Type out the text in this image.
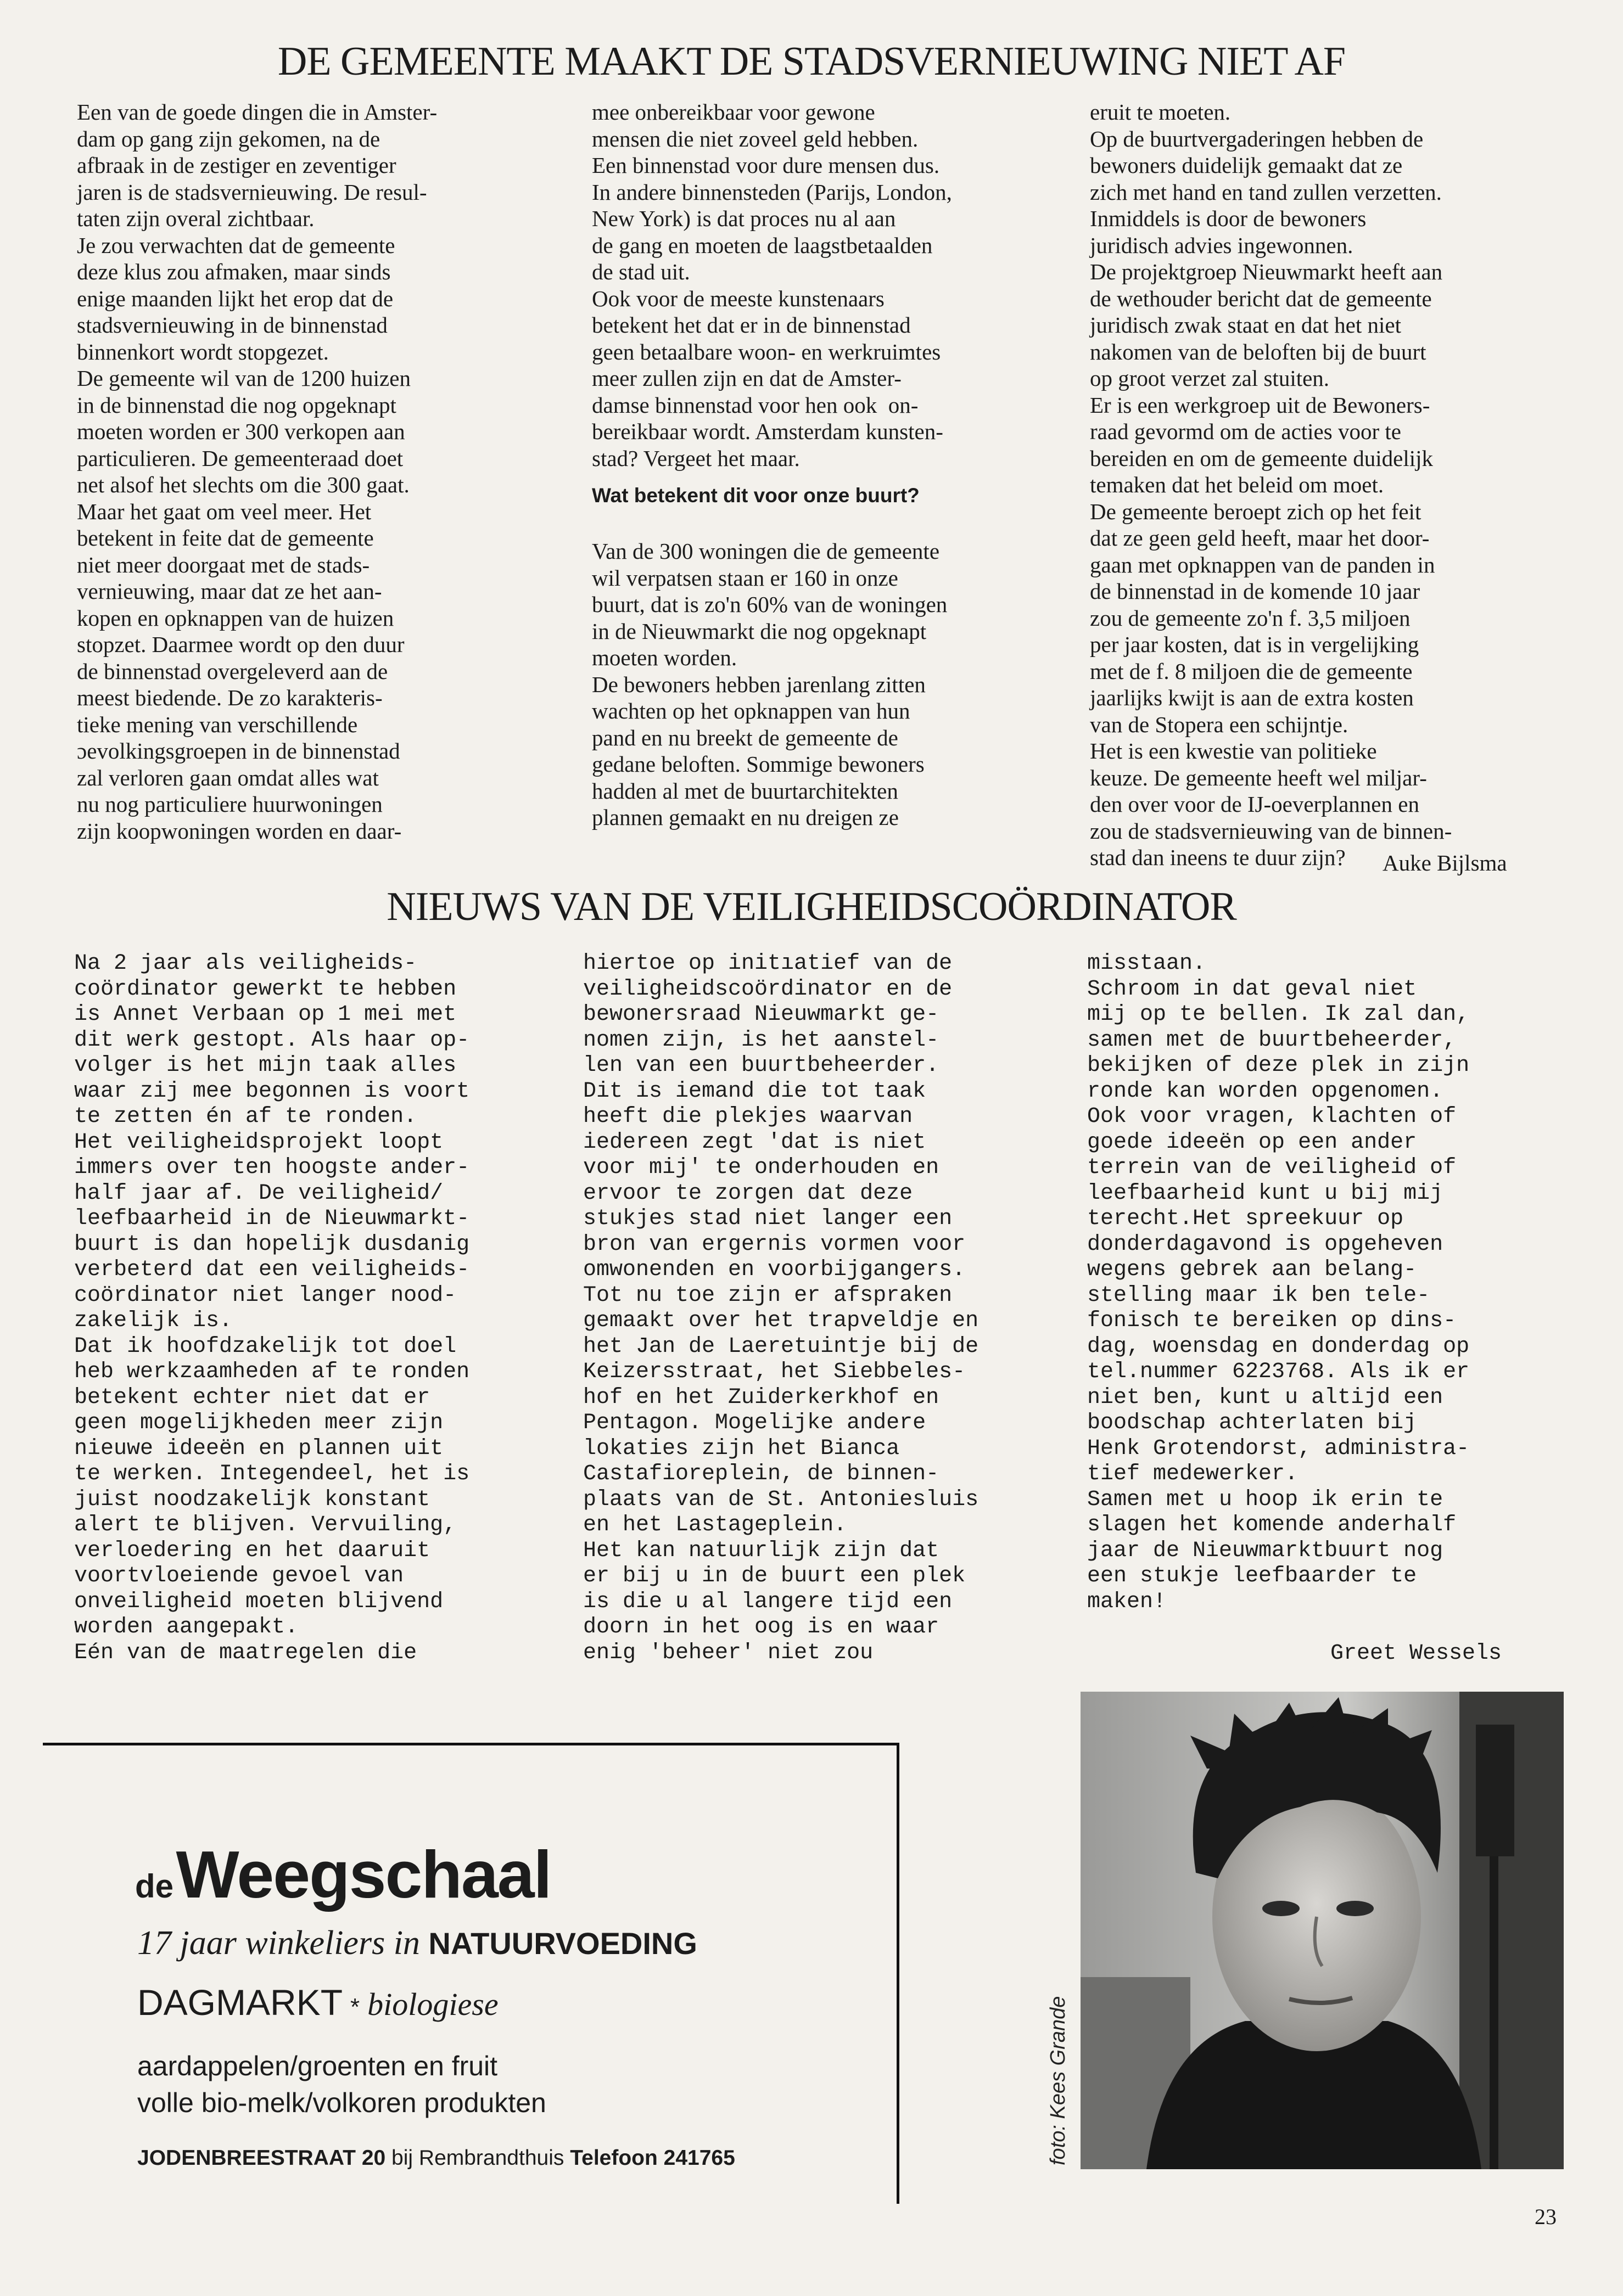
DE GEMEENTE MAAKT DE STADSVERNIEUWING NIET AF
Een van de goede dingen die in Amster-
dam op gang zijn gekomen, na de
afbraak in de zestiger en zeventiger
jaren is de stadsvernieuwing. De resul-
taten zijn overal zichtbaar.
Je zou verwachten dat de gemeente
deze klus zou afmaken, maar sinds
enige maanden lijkt het erop dat de
stadsvernieuwing in de binnenstad
binnenkort wordt stopgezet.
De gemeente wil van de 1200 huizen
in de binnenstad die nog opgeknapt
moeten worden er 300 verkopen aan
particulieren. De gemeenteraad doet
net alsof het slechts om die 300 gaat.
Maar het gaat om veel meer. Het
betekent in feite dat de gemeente
niet meer doorgaat met de stads-
vernieuwing, maar dat ze het aan-
kopen en opknappen van de huizen
stopzet. Daarmee wordt op den duur
de binnenstad overgeleverd aan de
meest biedende. De zo karakteris-
tieke mening van verschillende
ɔevolkingsgroepen in de binnenstad
zal verloren gaan omdat alles wat
nu nog particuliere huurwoningen
zijn koopwoningen worden en daar-
mee onbereikbaar voor gewone
mensen die niet zoveel geld hebben.
Een binnenstad voor dure mensen dus.
In andere binnensteden (Parijs, London,
New York) is dat proces nu al aan
de gang en moeten de laagstbetaalden
de stad uit.
Ook voor de meeste kunstenaars
betekent het dat er in de binnenstad
geen betaalbare woon- en werkruimtes
meer zullen zijn en dat de Amster-
damse binnenstad voor hen ook  on-
bereikbaar wordt. Amsterdam kunsten-
stad? Vergeet het maar.
Wat betekent dit voor onze buurt?
Van de 300 woningen die de gemeente
wil verpatsen staan er 160 in onze
buurt, dat is zo'n 60% van de woningen
in de Nieuwmarkt die nog opgeknapt
moeten worden.
De bewoners hebben jarenlang zitten
wachten op het opknappen van hun
pand en nu breekt de gemeente de
gedane beloften. Sommige bewoners
hadden al met de buurtarchitekten
plannen gemaakt en nu dreigen ze
eruit te moeten.
Op de buurtvergaderingen hebben de
bewoners duidelijk gemaakt dat ze
zich met hand en tand zullen verzetten.
Inmiddels is door de bewoners
juridisch advies ingewonnen.
De projektgroep Nieuwmarkt heeft aan
de wethouder bericht dat de gemeente
juridisch zwak staat en dat het niet
nakomen van de beloften bij de buurt
op groot verzet zal stuiten.
Er is een werkgroep uit de Bewoners-
raad gevormd om de acties voor te
bereiden en om de gemeente duidelijk
temaken dat het beleid om moet.
De gemeente beroept zich op het feit
dat ze geen geld heeft, maar het door-
gaan met opknappen van de panden in
de binnenstad in de komende 10 jaar
zou de gemeente zo'n f. 3,5 miljoen
per jaar kosten, dat is in vergelijking
met de f. 8 miljoen die de gemeente
jaarlijks kwijt is aan de extra kosten
van de Stopera een schijntje.
Het is een kwestie van politieke
keuze. De gemeente heeft wel miljar-
den over voor de IJ-oeverplannen en
zou de stadsvernieuwing van de binnen-
stad dan ineens te duur zijn?	Auke Bijlsma
NIEUWS VAN DE VEILIGHEIDSCOÖRDINATOR
Na 2 jaar als veiligheids-
coördinator gewerkt te hebben
is Annet Verbaan op 1 mei met
dit werk gestopt. Als haar op-
volger is het mijn taak alles
waar zij mee begonnen is voort
te zetten én af te ronden.
Het veiligheidsprojekt loopt
immers over ten hoogste ander-
half jaar af. De veiligheid/
leefbaarheid in de Nieuwmarkt-
buurt is dan hopelijk dusdanig
verbeterd dat een veiligheids-
coördinator niet langer nood-
zakelijk is.
Dat ik hoofdzakelijk tot doel
heb werkzaamheden af te ronden
betekent echter niet dat er
geen mogelijkheden meer zijn
nieuwe ideeën en plannen uit
te werken. Integendeel, het is
juist noodzakelijk konstant
alert te blijven. Vervuiling,
verloedering en het daaruit
voortvloeiende gevoel van
onveiligheid moeten blijvend
worden aangepakt.
Eén van de maatregelen die
hiertoe op initıatief van de
veiligheidscoördinator en de
bewonersraad Nieuwmarkt ge-
nomen zijn, is het aanstel-
len van een buurtbeheerder.
Dit is iemand die tot taak
heeft die plekjes waarvan
iedereen zegt 'dat is niet
voor mij' te onderhouden en
ervoor te zorgen dat deze
stukjes stad niet langer een
bron van ergernis vormen voor
omwonenden en voorbijgangers.
Tot nu toe zijn er afspraken
gemaakt over het trapveldje en
het Jan de Laeretuintje bij de
Keizersstraat, het Siebbeles-
hof en het Zuiderkerkhof en
Pentagon. Mogelijke andere
lokaties zijn het Bianca
Castafioreplein, de binnen-
plaats van de St. Antoniesluis
en het Lastageplein.
Het kan natuurlijk zijn dat
er bij u in de buurt een plek
is die u al langere tijd een
doorn in het oog is en waar
enig 'beheer' niet zou
misstaan.
Schroom in dat geval niet
mij op te bellen. Ik zal dan,
samen met de buurtbeheerder,
bekijken of deze plek in zijn
ronde kan worden opgenomen.
Ook voor vragen, klachten of
goede ideeën op een ander
terrein van de veiligheid of
leefbaarheid kunt u bij mij
terecht.Het spreekuur op
donderdagavond is opgeheven
wegens gebrek aan belang-
stelling maar ik ben tele-
fonisch te bereiken op dins-
dag, woensdag en donderdag op
tel.nummer 6223768. Als ik er
niet ben, kunt u altijd een
boodschap achterlaten bij
Henk Grotendorst, administra-
tief medewerker.
Samen met u hoop ik erin te
slagen het komende anderhalf
jaar de Nieuwmarktbuurt nog
een stukje leefbaarder te
maken!
Greet Wessels
de Weegschaal
17 jaar winkeliers in NATUURVOEDING
DAGMARKT * biologiese
aardappelen/groenten en fruit
volle bio-melk/volkoren produkten
JODENBREESTRAAT 20 bij Rembrandthuis Telefoon 241765	foto: Kees Grande
23
